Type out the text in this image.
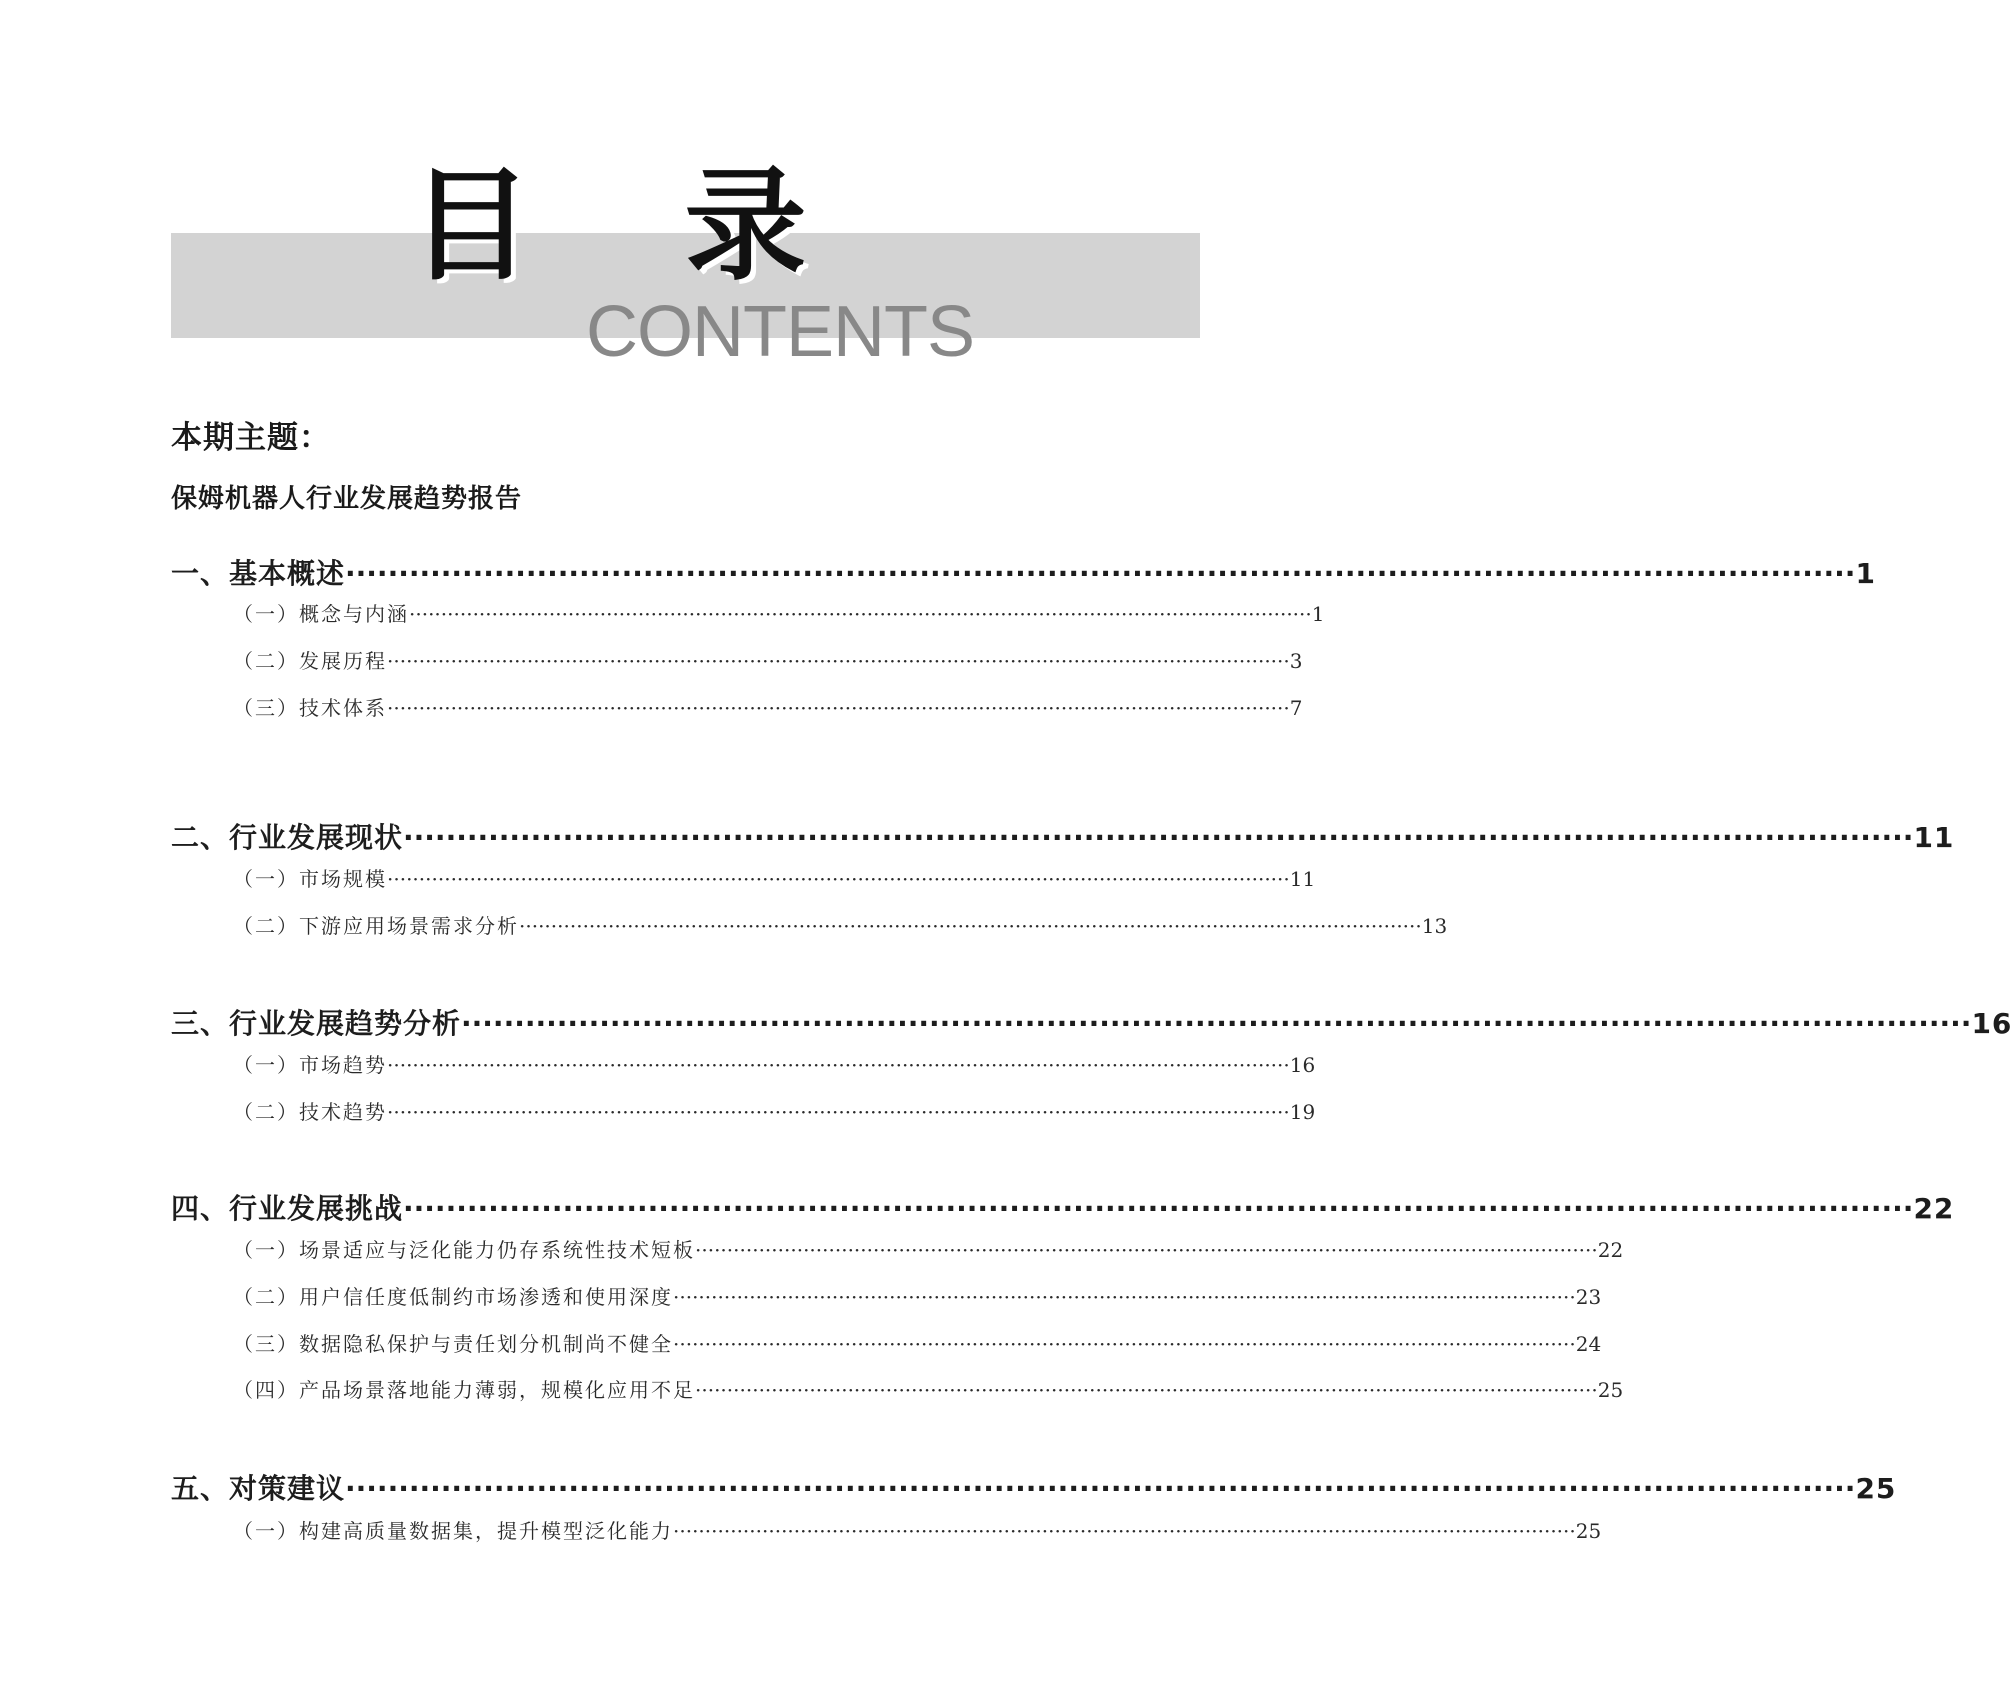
目 录
CONTENTS
本期主题：
保姆机器人行业发展趋势报告
一、基本概述 ·············································································································································· 1
（一）概念与内涵 ·············································································································································· 1
（二）发展历程 ·············································································································································· 3
（三）技术体系 ·············································································································································· 7
二、行业发展现状 ·············································································································································· 11
（一）市场规模 ·············································································································································· 11
（二）下游应用场景需求分析 ·············································································································································· 13
三、行业发展趋势分析 ·············································································································································· 16
（一）市场趋势 ·············································································································································· 16
（二）技术趋势 ·············································································································································· 19
四、行业发展挑战 ·············································································································································· 22
（一）场景适应与泛化能力仍存系统性技术短板 ·············································································································································· 22
（二）用户信任度低制约市场渗透和使用深度 ·············································································································································· 23
（三）数据隐私保护与责任划分机制尚不健全 ·············································································································································· 24
（四）产品场景落地能力薄弱，规模化应用不足 ·············································································································································· 25
五、对策建议 ·············································································································································· 25
（一）构建高质量数据集，提升模型泛化能力 ·············································································································································· 25
